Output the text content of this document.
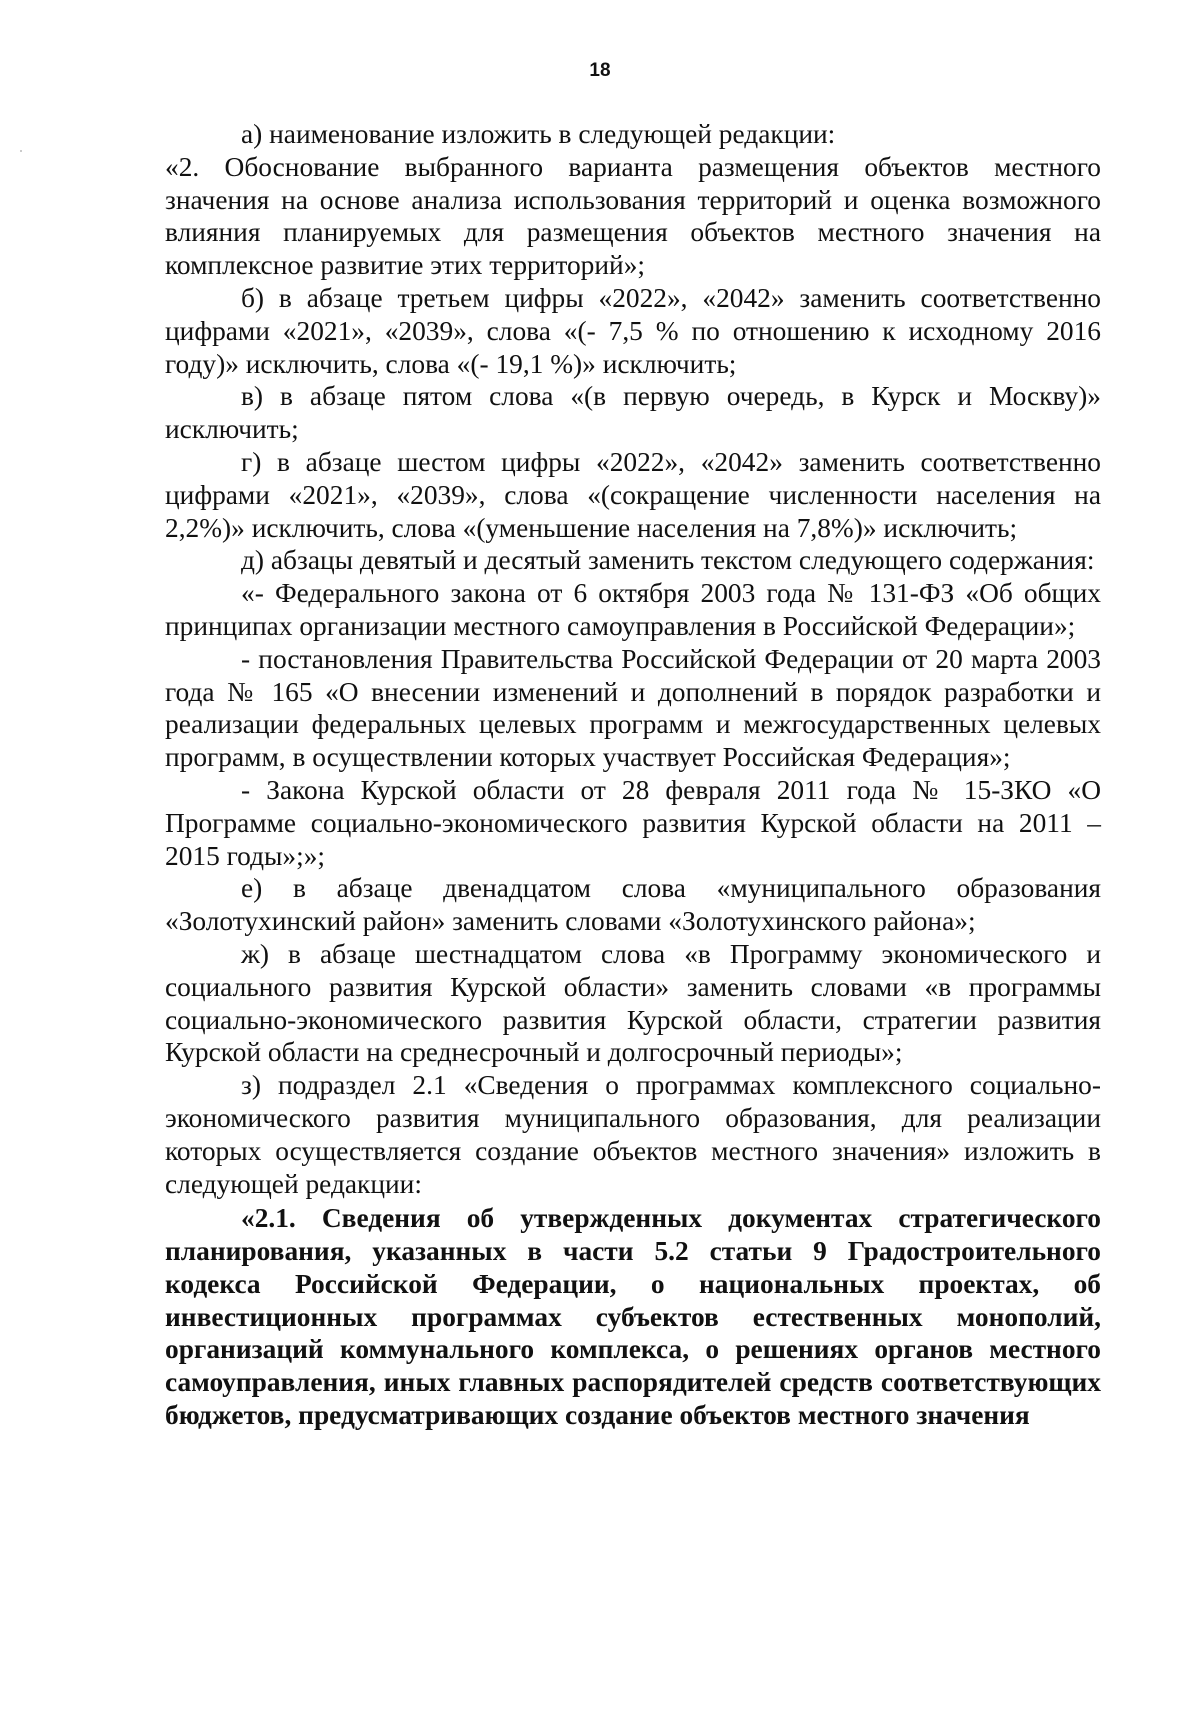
18

а) наименование изложить в следующей редакции:

«2. Обоснование выбранного варианта размещения объектов местного значения на основе анализа использования территорий и оценка возможного влияния планируемых для размещения объектов местного значения на комплексное развитие этих территорий»;

б) в абзаце третьем цифры «2022», «2042» заменить соответственно цифрами «2021», «2039», слова «(- 7,5 % по отношению к исходному 2016 году)» исключить, слова «(- 19,1 %)» исключить;

в) в абзаце пятом слова «(в первую очередь, в Курск и Москву)» исключить;

г) в абзаце шестом цифры «2022», «2042» заменить соответственно цифрами «2021», «2039», слова «(сокращение численности населения на 2,2%)» исключить, слова «(уменьшение населения на 7,8%)» исключить;

д) абзацы девятый и десятый заменить текстом следующего содержания:

«- Федерального закона от 6 октября 2003 года № 131-ФЗ «Об общих принципах организации местного самоуправления в Российской Федерации»;

- постановления Правительства Российской Федерации от 20 марта 2003 года № 165 «О внесении изменений и дополнений в порядок разработки и реализации федеральных целевых программ и межгосударственных целевых программ, в осуществлении которых участвует Российская Федерация»;

- Закона Курской области от 28 февраля 2011 года № 15-ЗКО «О Программе социально-экономического развития Курской области на 2011 – 2015 годы»;»;

е) в абзаце двенадцатом слова «муниципального образования «Золотухинский район» заменить словами «Золотухинского района»;

ж) в абзаце шестнадцатом слова «в Программу экономического и социального развития Курской области» заменить словами «в программы социально-экономического развития Курской области, стратегии развития Курской области на среднесрочный и долгосрочный периоды»;

з) подраздел 2.1 «Сведения о программах комплексного социально-экономического развития муниципального образования, для реализации которых осуществляется создание объектов местного значения» изложить в следующей редакции:

«2.1. Сведения об утвержденных документах стратегического планирования, указанных в части 5.2 статьи 9 Градостроительного кодекса Российской Федерации, о национальных проектах, об инвестиционных программах субъектов естественных монополий, организаций коммунального комплекса, о решениях органов местного самоуправления, иных главных распорядителей средств соответствующих бюджетов, предусматривающих создание объектов местного значения
